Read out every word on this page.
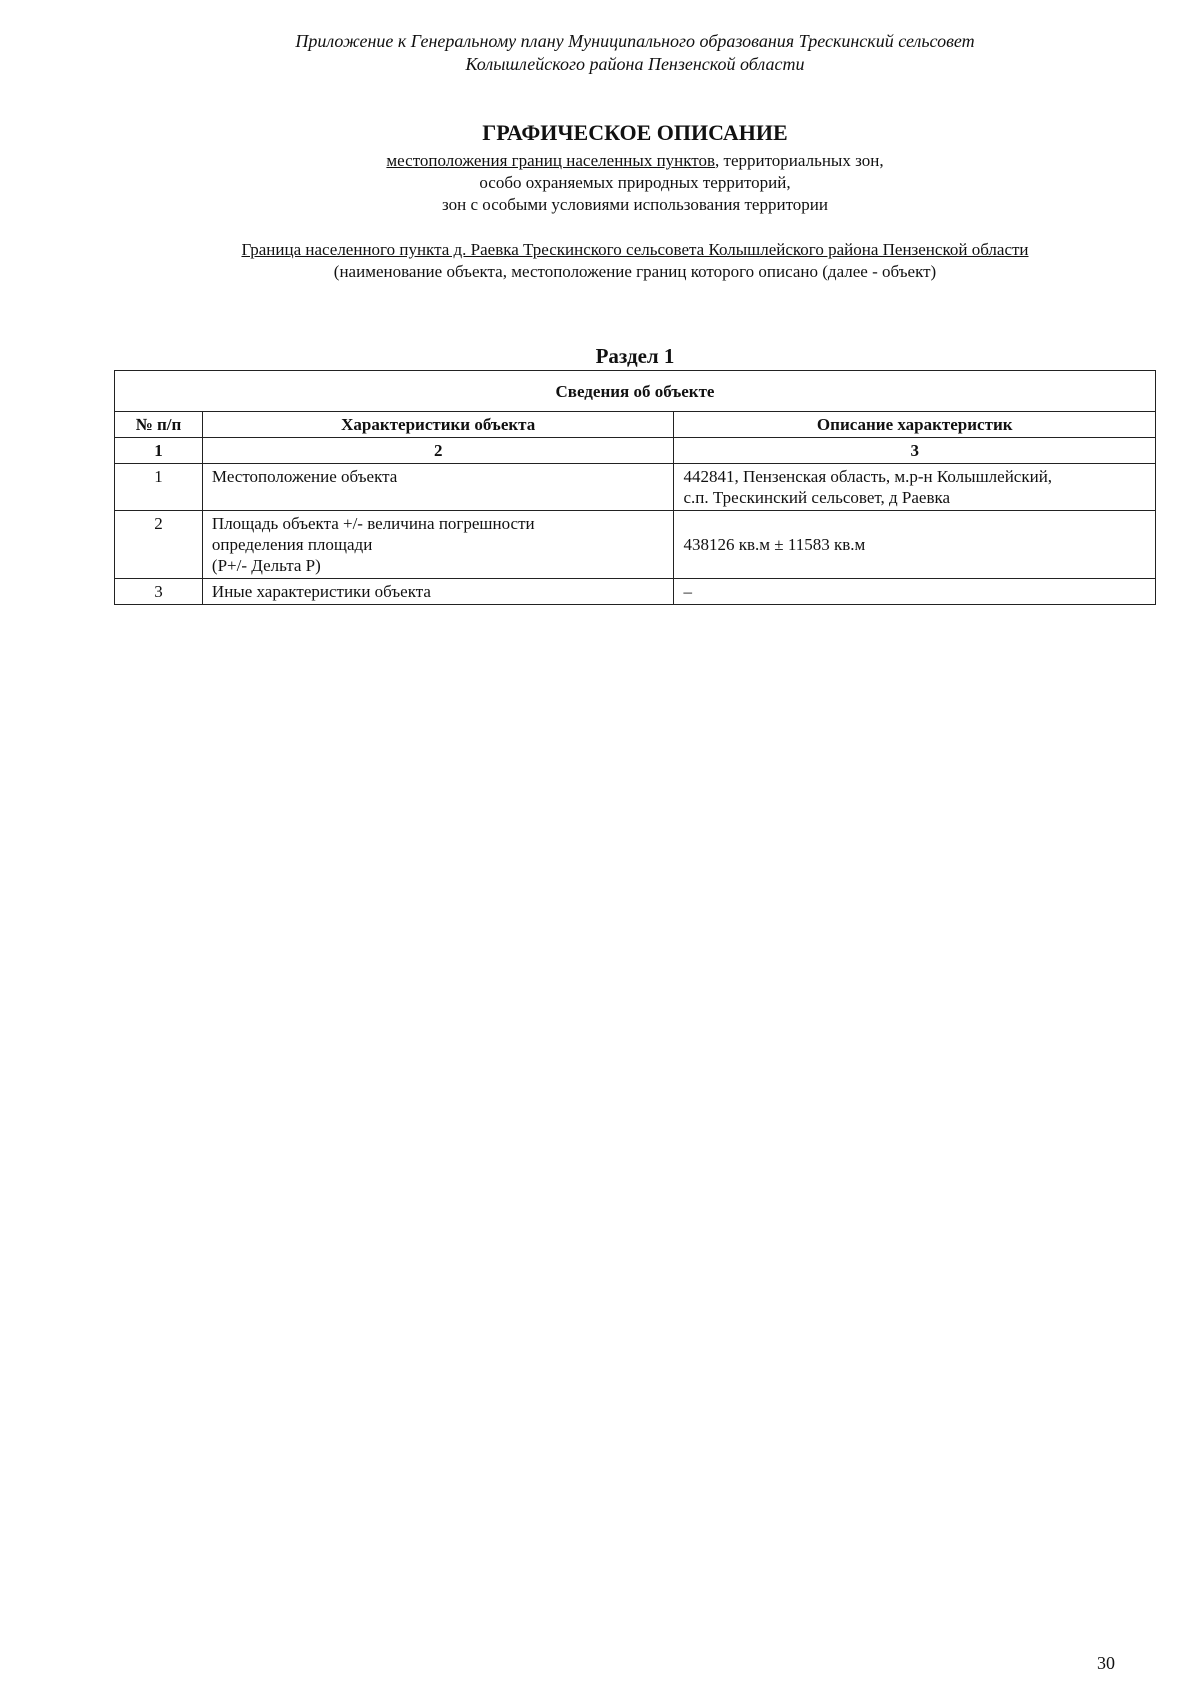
Приложение к Генеральному плану Муниципального образования Трескинский сельсовет
Колышлейского района Пензенской области
ГРАФИЧЕСКОЕ ОПИСАНИЕ
местоположения границ населенных пунктов, территориальных зон,
особо охраняемых природных территорий,
зон с особыми условиями использования территории
Граница населенного пункта д. Раевка Трескинского сельсовета Колышлейского района Пензенской области
(наименование объекта, местоположение границ которого описано (далее - объект)
Раздел 1
Сведения об объекте		
№ п/п	Характеристики объекта	Описание характеристик
1	2	3
1	Местоположение объекта	442841, Пензенская область, м.р-н Колышлейский,
с.п. Трескинский сельсовет, д Раевка

2	Площадь объекта +/- величина погрешности
определения площади
(Р+/- Дельта Р)	438126 кв.м ± 11583 кв.м

3	Иные характеристики объекта	–
30
